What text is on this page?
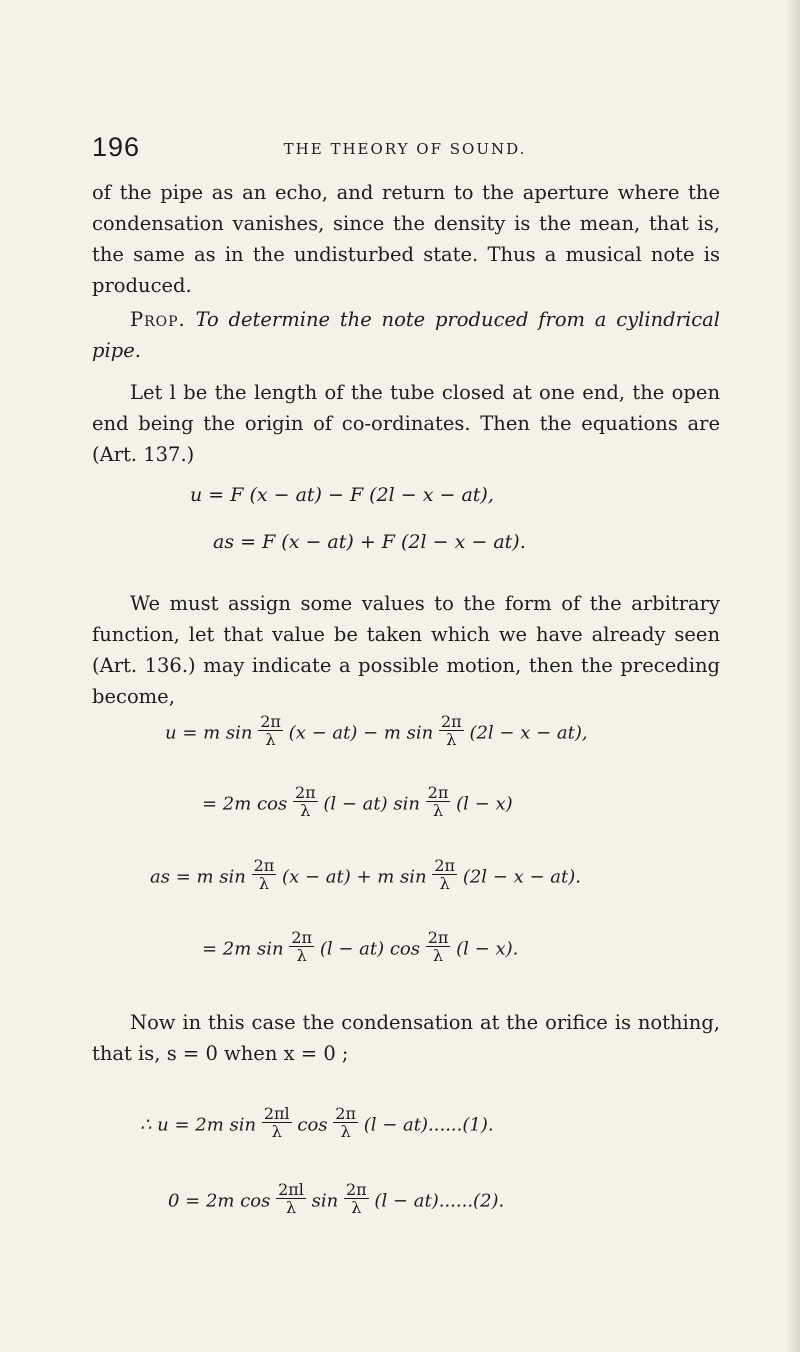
196	THE THEORY OF SOUND.

of the pipe as an echo, and return to the aperture where the condensation vanishes, since the density is the mean, that is, the same as in the undisturbed state. Thus a musical note is produced.

Prop. To determine the note produced from a cylindrical pipe.

Let l be the length of the tube closed at one end, the open end being the origin of co-ordinates. Then the equations are (Art. 137.)

u = F (x − at) − F (2l − x − at),
as = F (x − at) + F (2l − x − at).

We must assign some values to the form of the arbitrary function, let that value be taken which we have already seen (Art. 136.) may indicate a possible motion, then the preceding become,

u = m $\sin \frac{2\pi}{\lambda} (x - at) - m$ $\sin \frac{2\pi}{\lambda} (2l - x - at)$,
= 2m $\cos \frac{2\pi}{\lambda} (l - at)$ $\sin \frac{2\pi}{\lambda} (l - x)$
as = m $\sin \frac{2\pi}{\lambda} (x - at) + m$ $\sin \frac{2\pi}{\lambda} (2l - x - at)$.
= 2m $\sin \frac{2\pi}{\lambda} (l - at)$ $\cos \frac{2\pi}{\lambda} (l - x)$.

Now in this case the condensation at the orifice is nothing, that is, s = 0 when x = 0 ;

∴ u = 2m $\sin \frac{2\pi l}{\lambda}$ $\cos \frac{2\pi}{\lambda} (l - at)......(1)$.
0 = 2m $\cos \frac{2\pi l}{\lambda}$ $\sin \frac{2\pi}{\lambda} (l - at)......(2)$.
